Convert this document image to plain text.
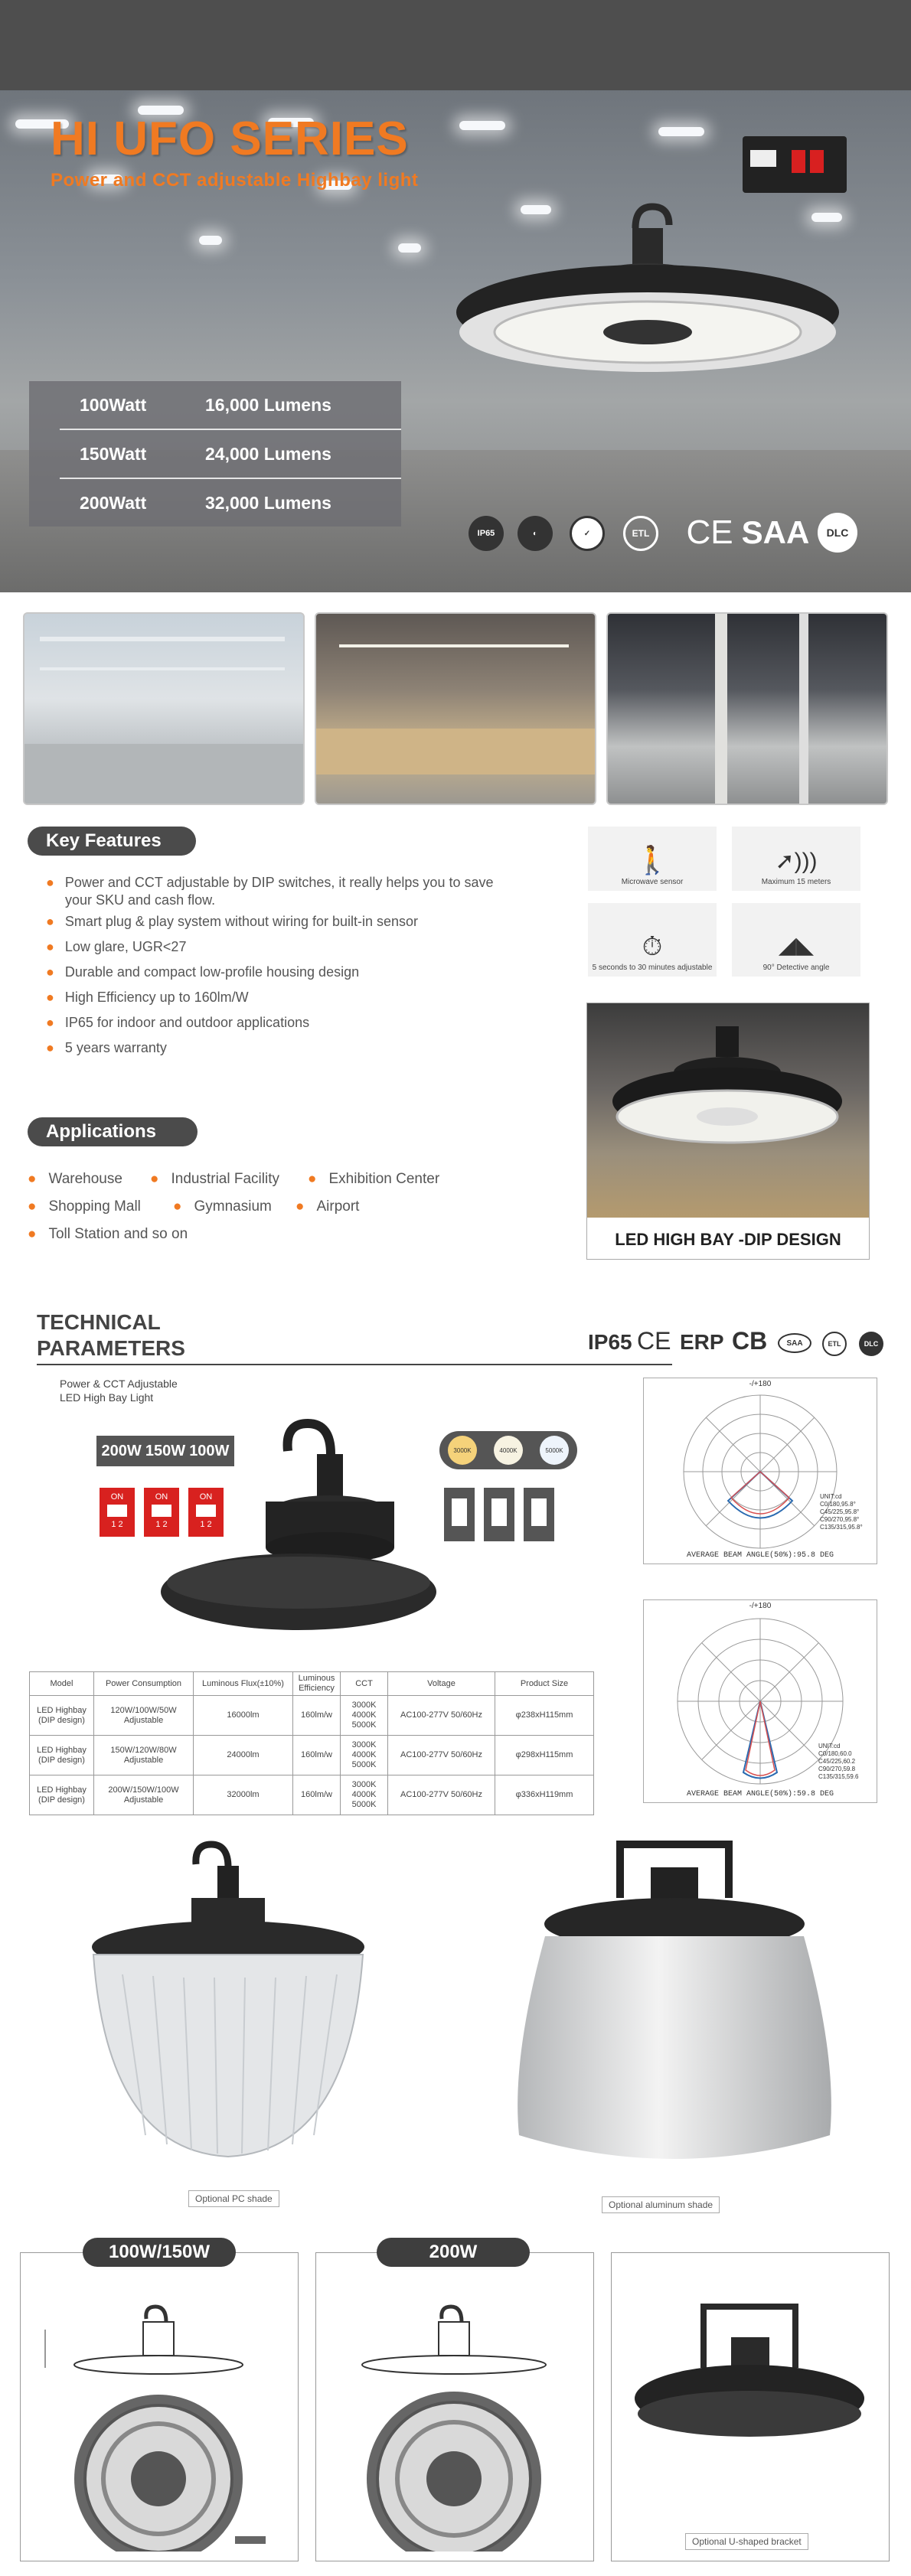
HI UFO SERIES
Power and CCT adjustable Highbay light
100Watt	16,000 Lumens
150Watt	24,000 Lumens
200Watt	32,000 Lumens
IP65	◐	✓	ETL CE SAA	DLC
Key Features
● Power and CCT adjustable by DIP switches, it really helps you to save
your SKU and cash flow.
● Smart plug & play system without wiring for built-in sensor
● Low glare, UGR<27
● Durable and compact low-profile housing design
● High Efficiency up to 160lm/W
● IP65 for indoor and outdoor applications
● 5 years warranty
🚶
Microwave sensor
➚)))
Maximum 15 meters
⏱
5 seconds to 30 minutes adjustable
◢◣
90° Detective angle
LED HIGH BAY -DIP DESIGN
Applications
● Warehouse ● Industrial Facility ● Exhibition Center
● Shopping Mall ● Gymnasium ● Airport
● Toll Station and so on
TECHNICAL
PARAMETERS	IP65 CE ERP CB	SAA	ETL	DLC
Power & CCT Adjustable
LED High Bay Light
200W 150W 100W
ON
1 2
ON
1 2
ON
1 2
3000K	4000K	5000K
Model	Power Consumption	Luminous Flux(±10%)	Luminous Efficiency	CCT	Voltage	Product Size
LED Highbay (DIP design)	120W/100W/50W Adjustable	16000lm	160lm/w	3000K 4000K 5000K	AC100-277V 50/60Hz	φ238xH115mm
LED Highbay (DIP design)	150W/120W/80W Adjustable	24000lm	160lm/w	3000K 4000K 5000K	AC100-277V 50/60Hz	φ298xH115mm
LED Highbay (DIP design)	200W/150W/100W Adjustable	32000lm	160lm/w	3000K 4000K 5000K	AC100-277V 50/60Hz	φ336xH119mm
-/+180
UNIT:cd
C0/180,95.8°
C45/225,95.8°
C90/270,95.8°
C135/315,95.8°
AVERAGE BEAM ANGLE(50%):95.8 DEG
-/+180
UNIT:cd
C0/180,60.0
C45/225,60.2
C90/270,59.8
C135/315,59.6
AVERAGE BEAM ANGLE(50%):59.8 DEG
Optional PC shade
Optional aluminum shade
100W/150W	200W
Optional U-shaped bracket
